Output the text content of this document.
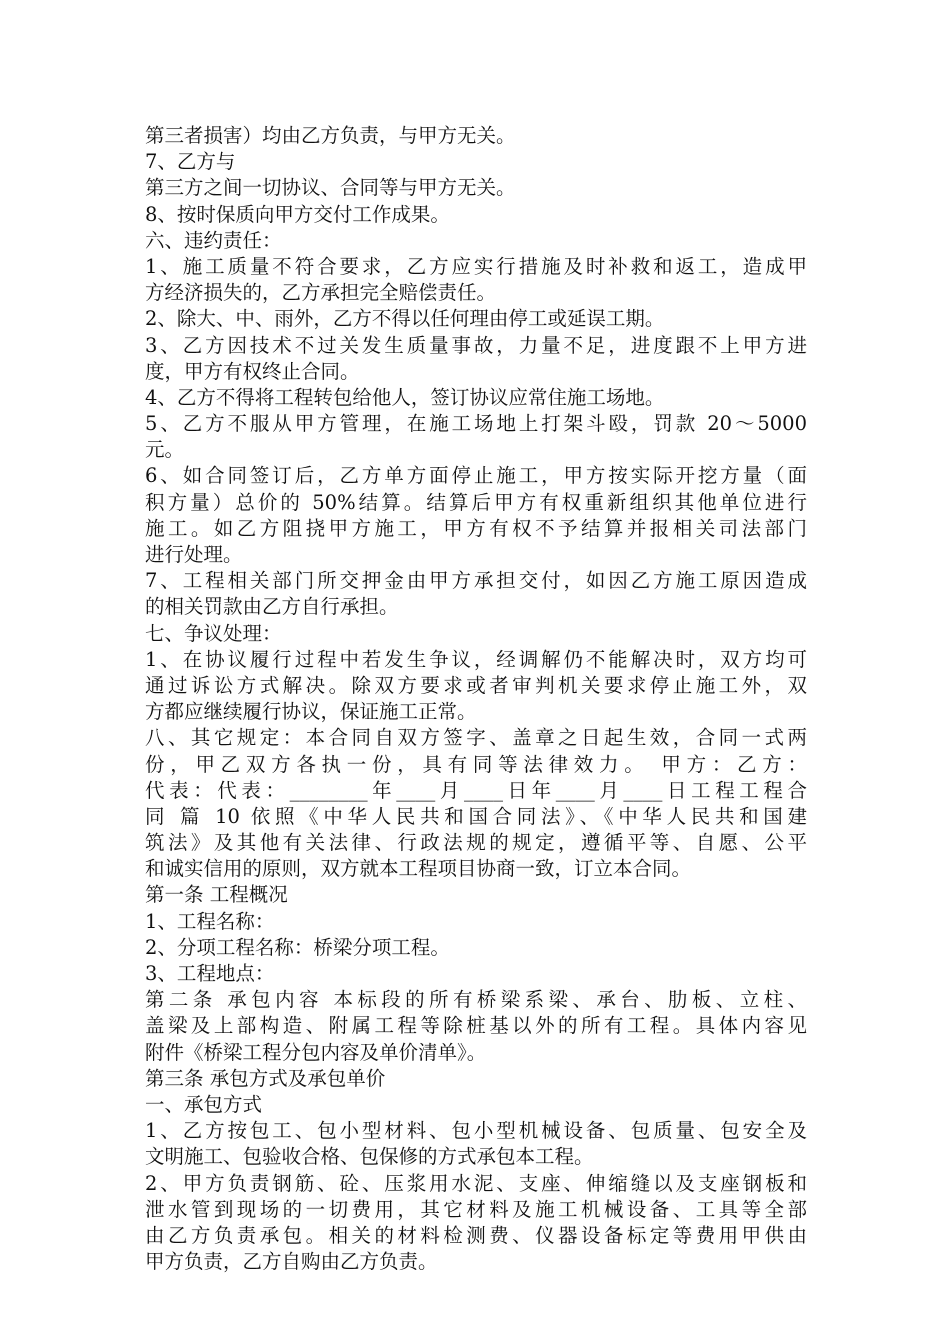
第三者损害）均由乙方负责，与甲方无关。
7、乙方与
第三方之间一切协议、合同等与甲方无关。
8、按时保质向甲方交付工作成果。
六、违约责任：
1、施工质量不符合要求，乙方应实行措施及时补救和返工，造成甲
方经济损失的，乙方承担完全赔偿责任。
2、除大、中、雨外，乙方不得以任何理由停工或延误工期。
3、乙方因技术不过关发生质量事故，力量不足，进度跟不上甲方进
度，甲方有权终止合同。
4、乙方不得将工程转包给他人，签订协议应常住施工场地。
5、乙方不服从甲方管理，在施工场地上打架斗殴，罚款 20～5000
元。
6、如合同签订后，乙方单方面停止施工，甲方按实际开挖方量（面
积方量）总价的 50%结算。结算后甲方有权重新组织其他单位进行
施工。如乙方阻挠甲方施工，甲方有权不予结算并报相关司法部门
进行处理。
7、工程相关部门所交押金由甲方承担交付，如因乙方施工原因造成
的相关罚款由乙方自行承担。
七、争议处理：
1、在协议履行过程中若发生争议，经调解仍不能解决时，双方均可
通过诉讼方式解决。除双方要求或者审判机关要求停止施工外，双
方都应继续履行协议，保证施工正常。
八、其它规定：本合同自双方签字、盖章之日起生效，合同一式两
份，甲乙双方各执一份，具有同等法律效力。 甲方：乙方：
代表：代表：________年____月____日年____月____日工程工程合
同 篇 10 依照《中华人民共和国合同法》、《中华人民共和国建
筑法》及其他有关法律、行政法规的规定，遵循平等、自愿、公平
和诚实信用的原则，双方就本工程项目协商一致，订立本合同。
第一条 工程概况
1、工程名称：
2、分项工程名称：桥梁分项工程。
3、工程地点：
第二条 承包内容 本标段的所有桥梁系梁、承台、肋板、立柱、
盖梁及上部构造、附属工程等除桩基以外的所有工程。具体内容见
附件《桥梁工程分包内容及单价清单》。
第三条 承包方式及承包单价
一、承包方式
1、乙方按包工、包小型材料、包小型机械设备、包质量、包安全及
文明施工、包验收合格、包保修的方式承包本工程。
2、甲方负责钢筋、砼、压浆用水泥、支座、伸缩缝以及支座钢板和
泄水管到现场的一切费用，其它材料及施工机械设备、工具等全部
由乙方负责承包。相关的材料检测费、仪器设备标定等费用甲供由
甲方负责，乙方自购由乙方负责。
